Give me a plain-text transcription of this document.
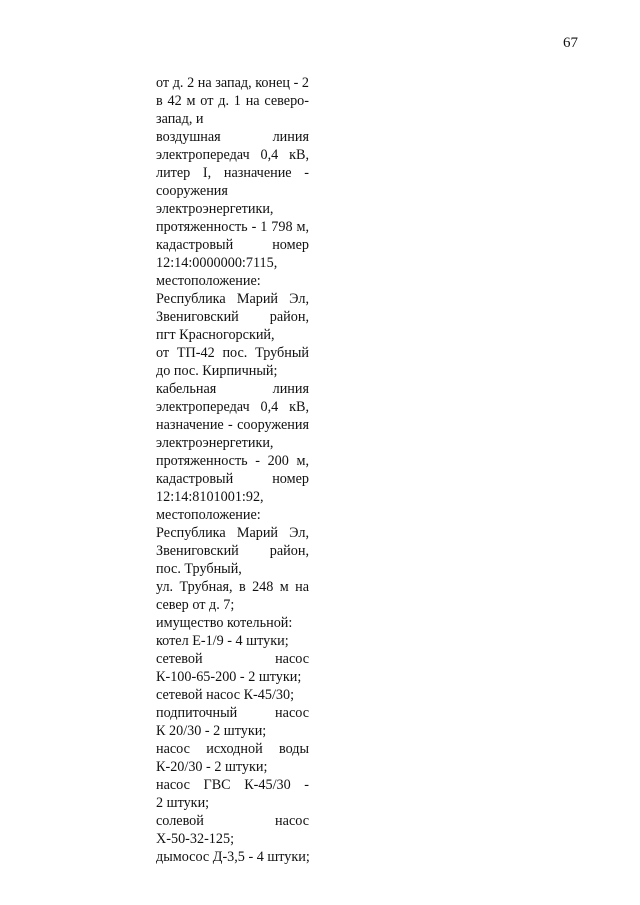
67
от д. 2 на запад, конец - 2
в 42 м от д. 1 на северо-
запад, и
воздушная линия
электропередач 0,4 кВ,
литер I, назначение -
сооружения
электроэнергетики,
протяженность - 1 798 м,
кадастровый номер
12:14:0000000:7115,
местоположение:
Республика Марий Эл,
Звениговский район,
пгт Красногорский,
от ТП-42 пос. Трубный
до пос. Кирпичный;
кабельная линия
электропередач 0,4 кВ,
назначение - сооружения
электроэнергетики,
протяженность - 200 м,
кадастровый номер
12:14:8101001:92,
местоположение:
Республика Марий Эл,
Звениговский район,
пос. Трубный,
ул. Трубная, в 248 м на
север от д. 7;
имущество котельной:
котел Е-1/9 - 4 штуки;
сетевой насос
К-100-65-200 - 2 штуки;
сетевой насос К-45/30;
подпиточный насос
К 20/30 - 2 штуки;
насос исходной воды
К-20/30 - 2 штуки;
насос ГВС К-45/30 -
2 штуки;
солевой насос
Х-50-32-125;
дымосос Д-3,5 - 4 штуки;
